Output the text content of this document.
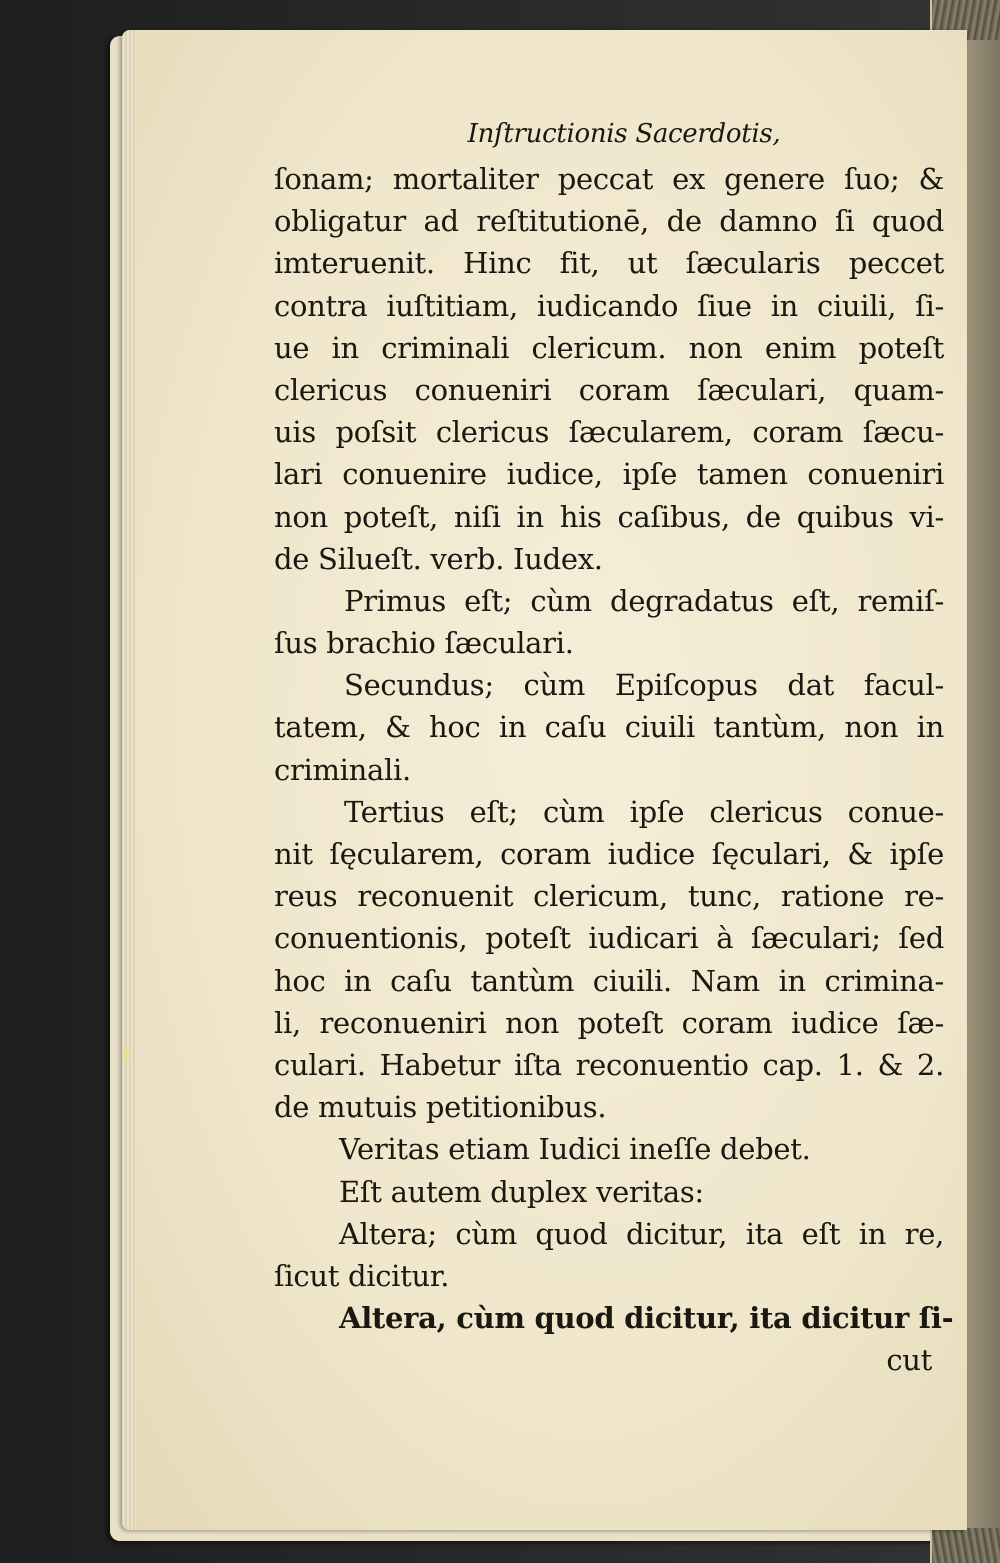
Inſtructionis Sacerdotis,
ſonam; mortaliter peccat ex genere ſuo; &
obligatur ad reſtitutionē, de damno ſi quod
imteruenit. Hinc fit, ut ſæcularis peccet
contra iuſtitiam, iudicando ſiue in ciuili, ſi-
ue in criminali clericum. non enim poteſt
clericus conueniri coram ſæculari, quam-
uis poſsit clericus ſæcularem, coram ſæcu-
lari conuenire iudice, ipſe tamen conueniri
non poteſt, niſi in his caſibus, de quibus vi-
de Silueſt. verb. Iudex.
Primus eſt; cùm degradatus eſt, remiſ-
ſus brachio ſæculari.
Secundus; cùm Epiſcopus dat facul-
tatem, & hoc in caſu ciuili tantùm, non in
criminali.
Tertius eſt; cùm ipſe clericus conue-
nit ſęcularem, coram iudice ſęculari, & ipſe
reus reconuenit clericum, tunc, ratione re-
conuentionis, poteſt iudicari à ſæculari; ſed
hoc in caſu tantùm ciuili. Nam in crimina-
li, reconueniri non poteſt coram iudice ſæ-
culari. Habetur iſta reconuentio cap. 1. & 2.
de mutuis petitionibus.
Veritas etiam Iudici ineſſe debet.
Eſt autem duplex veritas:
Altera; cùm quod dicitur, ita eſt in re,
ſicut dicitur.
Altera, cùm quod dicitur, ita dicitur ſi-
cut
